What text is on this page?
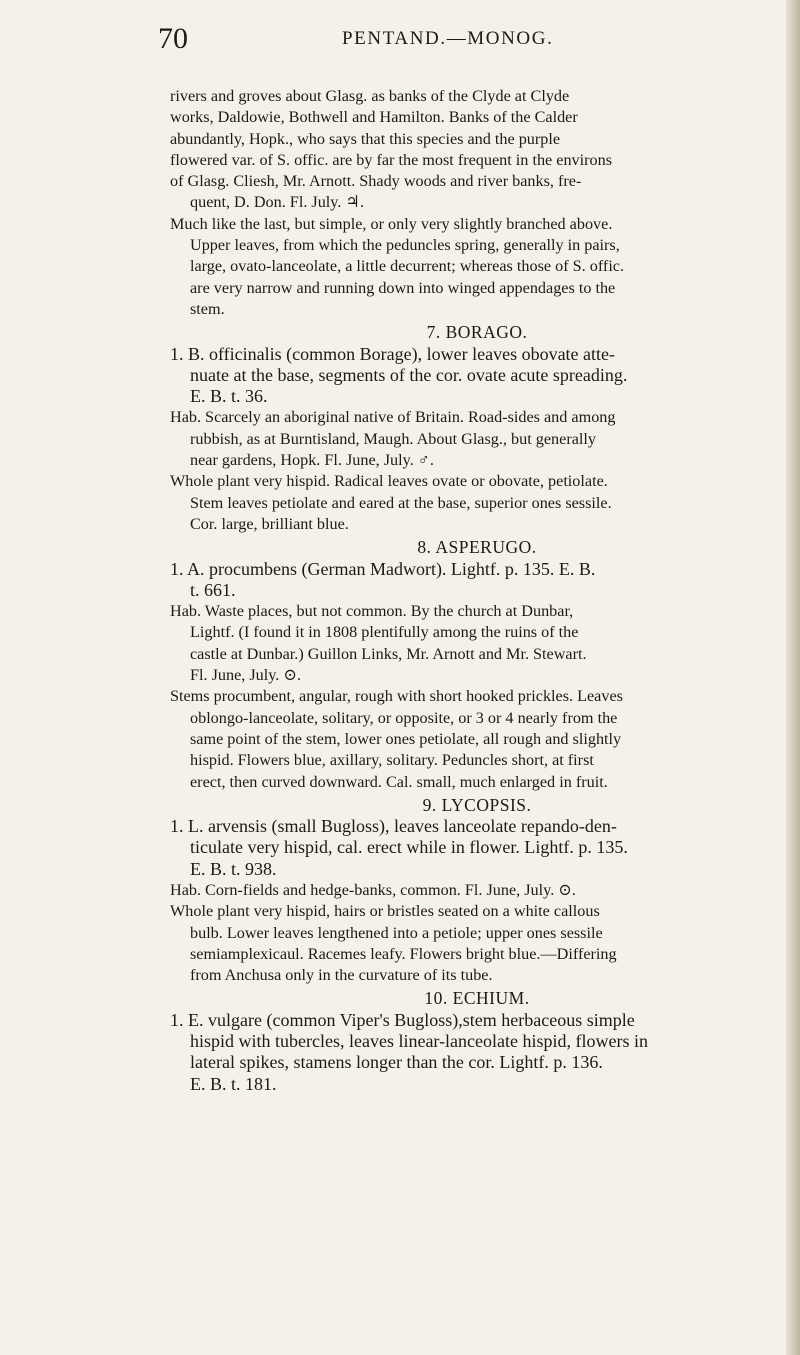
70	PENTAND.—MONOG.
rivers and groves about Glasg. as banks of the Clyde at Clyde
works, Daldowie, Bothwell and Hamilton. Banks of the Calder
abundantly, Hopk., who says that this species and the purple
flowered var. of S. offic. are by far the most frequent in the environs
of Glasg. Cliesh, Mr. Arnott. Shady woods and river banks, fre-
quent, D. Don. Fl. July. ♃.
Much like the last, but simple, or only very slightly branched above.
Upper leaves, from which the peduncles spring, generally in pairs,
large, ovato-lanceolate, a little decurrent; whereas those of S. offic.
are very narrow and running down into winged appendages to the
stem.
7. BORAGO.
1. B. officinalis (common Borage), lower leaves obovate atte-
nuate at the base, segments of the cor. ovate acute spreading.
E. B. t. 36.
Hab. Scarcely an aboriginal native of Britain. Road-sides and among
rubbish, as at Burntisland, Maugh. About Glasg., but generally
near gardens, Hopk. Fl. June, July. ♂.
Whole plant very hispid. Radical leaves ovate or obovate, petiolate.
Stem leaves petiolate and eared at the base, superior ones sessile.
Cor. large, brilliant blue.
8. ASPERUGO.
1. A. procumbens (German Madwort). Lightf. p. 135. E. B.
t. 661.
Hab. Waste places, but not common. By the church at Dunbar,
Lightf. (I found it in 1808 plentifully among the ruins of the
castle at Dunbar.) Guillon Links, Mr. Arnott and Mr. Stewart.
Fl. June, July. ⊙.
Stems procumbent, angular, rough with short hooked prickles. Leaves
oblongo-lanceolate, solitary, or opposite, or 3 or 4 nearly from the
same point of the stem, lower ones petiolate, all rough and slightly
hispid. Flowers blue, axillary, solitary. Peduncles short, at first
erect, then curved downward. Cal. small, much enlarged in fruit.
9. LYCOPSIS.
1. L. arvensis (small Bugloss), leaves lanceolate repando-den-
ticulate very hispid, cal. erect while in flower. Lightf. p. 135.
E. B. t. 938.
Hab. Corn-fields and hedge-banks, common. Fl. June, July. ⊙.
Whole plant very hispid, hairs or bristles seated on a white callous
bulb. Lower leaves lengthened into a petiole; upper ones sessile
semiamplexicaul. Racemes leafy. Flowers bright blue.—Differing
from Anchusa only in the curvature of its tube.
10. ECHIUM.
1. E. vulgare (common Viper's Bugloss),stem herbaceous simple
hispid with tubercles, leaves linear-lanceolate hispid, flowers in
lateral spikes, stamens longer than the cor. Lightf. p. 136.
E. B. t. 181.
